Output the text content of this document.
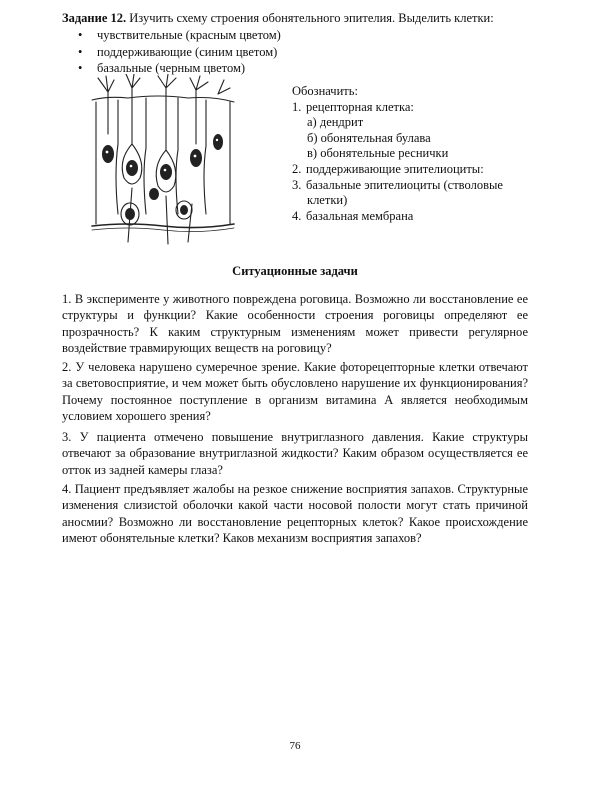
Задание 12. Изучить схему строения обонятельного эпителия. Выделить клетки:
• чувствительные (красным цветом)
• поддерживающие (синим цветом)
• базальные (черным цветом)
Обозначить:
1. рецепторная клетка:
а) дендрит
б) обонятельная булава
в) обонятельные реснички
2. поддерживающие эпителиоциты:
3. базальные эпителиоциты (стволовые
клетки)
4. базальная мембрана
Ситуационные задачи

1. В эксперименте у животного повреждена роговица. Возможно ли восстановление ее структуры и функции? Какие особенности строения роговицы определяют ее прозрачность? К каким структурным изменениям может привести регулярное воздействие травмирующих веществ на роговицу?

2. У человека нарушено сумеречное зрение. Какие фоторецепторные клетки отвечают за световосприятие, и чем может быть обусловлено нарушение их функционирования? Почему постоянное поступление в организм витамина А является необходимым условием хорошего зрения?

3. У пациента отмечено повышение внутриглазного давления. Какие структуры отвечают за образование внутриглазной жидкости? Каким образом осуществляется ее отток из задней камеры глаза?

4. Пациент предъявляет жалобы на резкое снижение восприятия запахов. Структурные изменения слизистой оболочки какой части носовой полости могут стать причиной аносмии? Возможно ли восстановление рецепторных клеток? Какое происхождение имеют обонятельные клетки? Каков механизм восприятия запахов?

76
